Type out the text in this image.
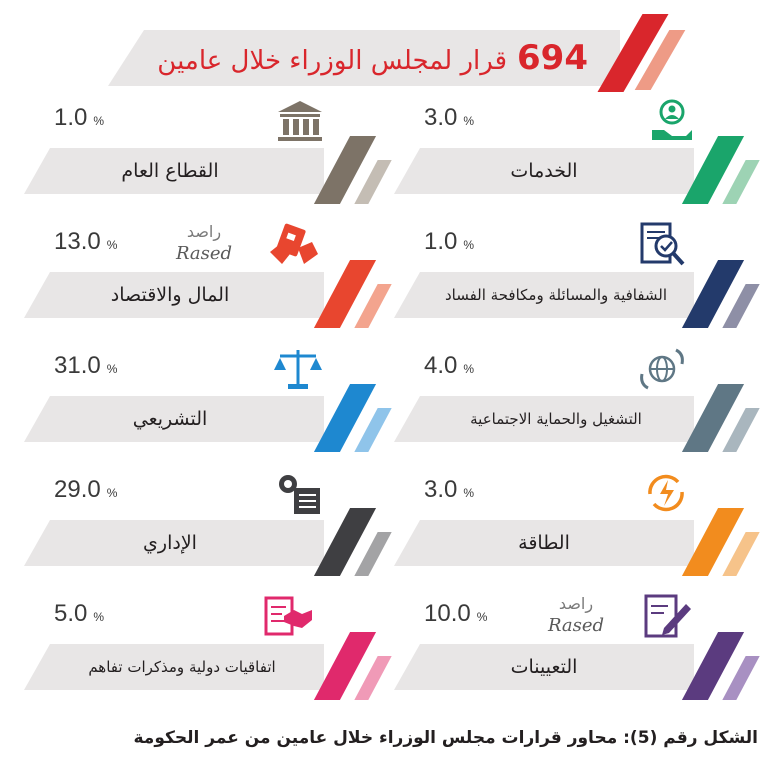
694قرار لمجلس الوزراء خلال عامين
3.0 %
الخدمات
1.0 %
القطاع العام
1.0 %
الشفافية والمسائلة ومكافحة الفساد
13.0 %
راصد
Rased
المال والاقتصاد
4.0 %
التشغيل والحماية الاجتماعية
31.0 %
التشريعي
3.0 %
الطاقة
29.0 %
الإداري
10.0 %
راصد
Rased
التعيينات
5.0 %
اتفاقيات دولية ومذكرات تفاهم
الشكل رقم (5): محاور قرارات مجلس الوزراء خلال عامين من عمر الحكومة
